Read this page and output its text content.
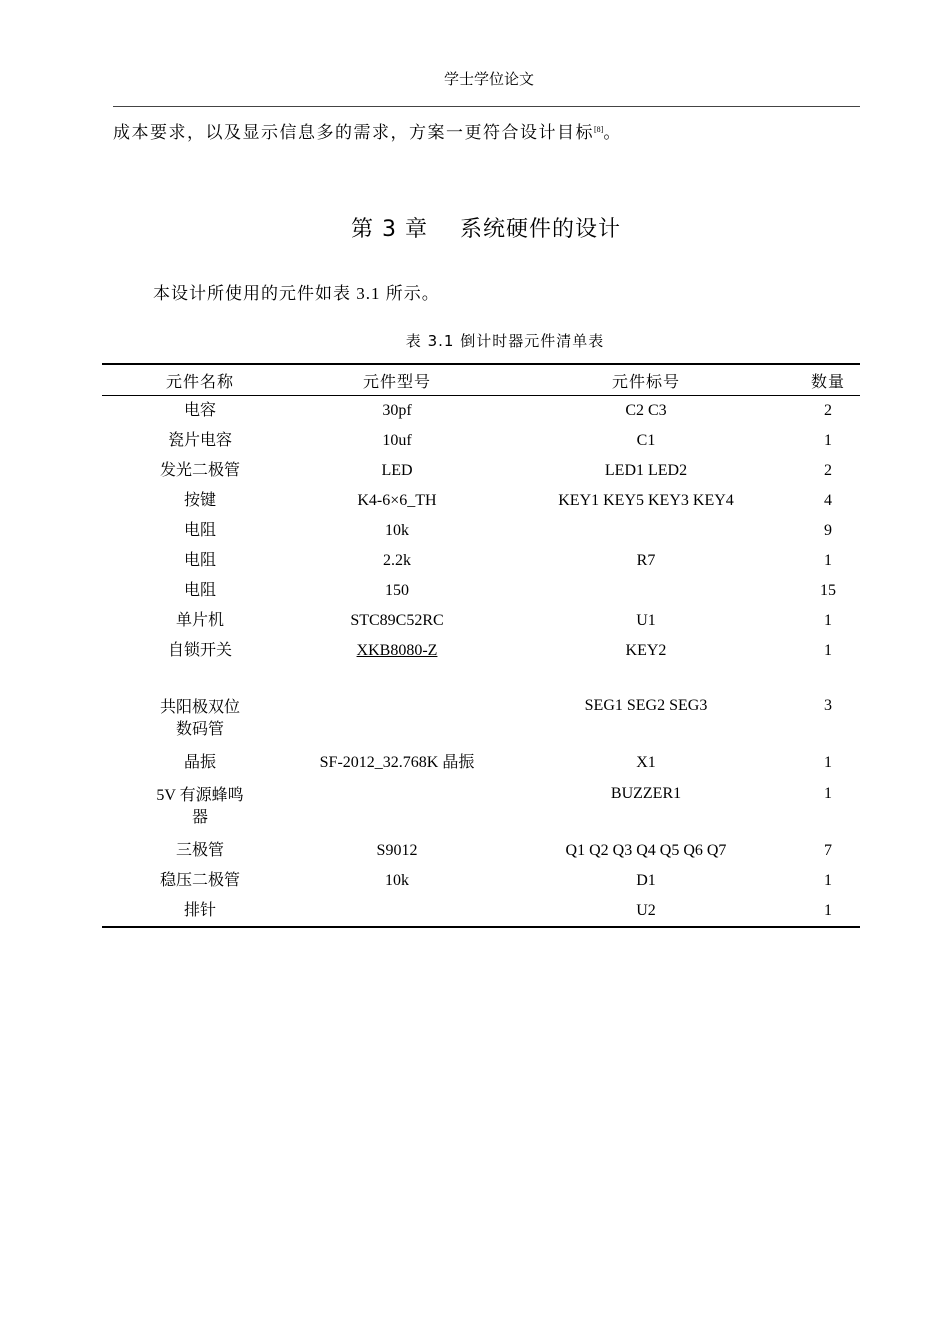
学士学位论文
成本要求，以及显示信息多的需求，方案一更符合设计目标[8]。
第 3 章    系统硬件的设计
本设计所使用的元件如表 3.1 所示。
表 3.1 倒计时器元件清单表
元件名称	元件型号	元件标号	数量
电容	30pf	C2 C3	2
瓷片电容	10uf	C1	1
发光二极管	LED	LED1 LED2	2
按键	K4-6×6_TH	KEY1 KEY5 KEY3 KEY4	4
电阻	10k		9
电阻	2.2k	R7	1
电阻	150		15
单片机	STC89C52RC	U1	1
自锁开关	XKB8080-Z	KEY2	1

共阳极双位
数码管		SEG1 SEG2 SEG3	3
晶振	SF-2012_32.768K 晶振	X1	1
5V 有源蜂鸣
器		BUZZER1	1
三极管	S9012	Q1 Q2 Q3 Q4 Q5 Q6 Q7	7
稳压二极管	10k	D1	1
排针		U2	1
